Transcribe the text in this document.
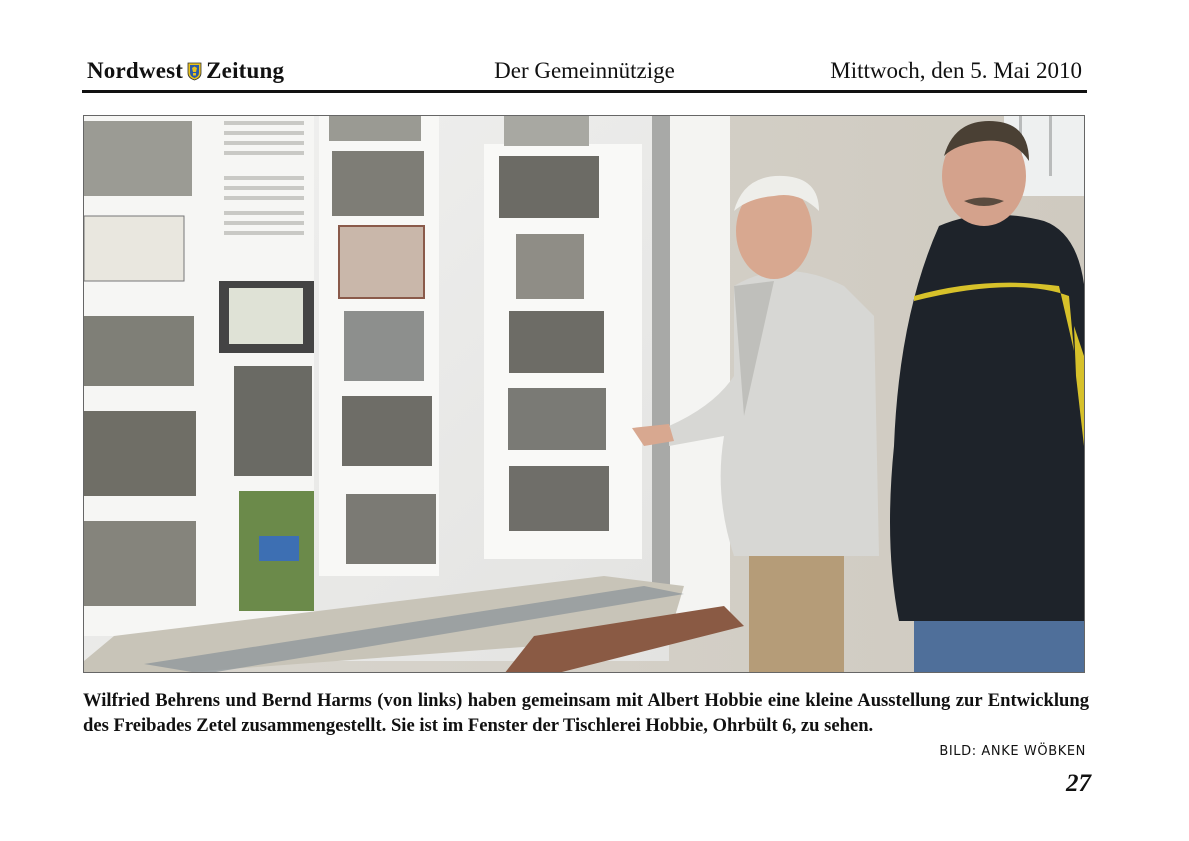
Nordwest Zeitung	Der Gemeinnützige	Mittwoch, den 5. Mai 2010
Wilfried Behrens und Bernd Harms (von links) haben gemeinsam mit Albert Hobbie eine kleine Ausstellung zur Entwicklung des Freibades Zetel zusammengestellt. Sie ist im Fenster der Tischlerei Hobbie, Ohrbült 6, zu sehen.
BILD: ANKE WÖBKEN
27
